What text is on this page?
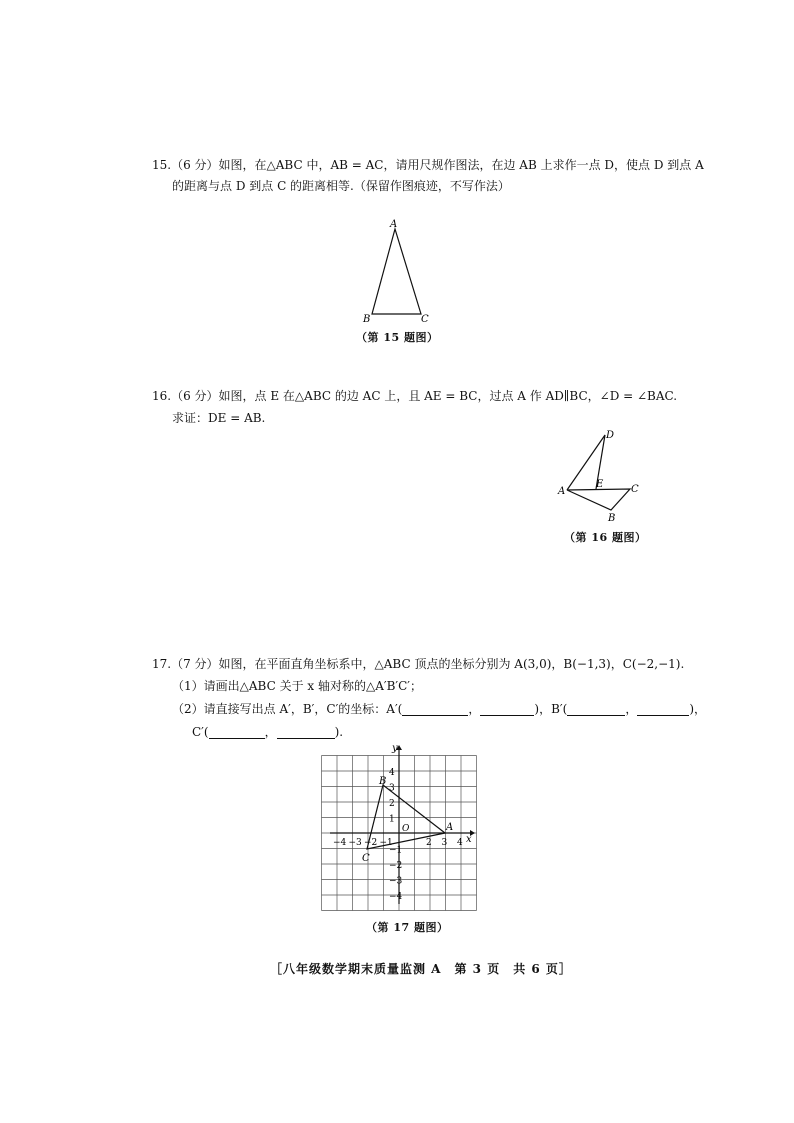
15.（6 分）如图，在△ABC 中，AB = AC，请用尺规作图法，在边 AB 上求作一点 D，使点 D 到点 A
的距离与点 D 到点 C 的距离相等.（保留作图痕迹，不写作法）
A
B	C
（第 15 题图）
16.（6 分）如图，点 E 在△ABC 的边 AC 上，且 AE = BC，过点 A 作 AD∥BC，∠D = ∠BAC.
求证：DE = AB.
D
A
E	C
B
（第 16 题图）
17.（7 分）如图，在平面直角坐标系中，△ABC 顶点的坐标分别为 A(3,0)，B(−1,3)，C(−2,−1).
（1）请画出△ABC 关于 x 轴对称的△A′B′C′；
（2）请直接写出点 A′，B′，C′的坐标：A′(	，	)，B′(	，	)，
C′(	，	).
x
y
O
−4 −3 −2 −1	2 3 4
4
3
2
1
−1
−2
−3
−4
A
B
C
（第 17 题图）
［八年级数学期末质量监测 A　第 3 页　共 6 页］
